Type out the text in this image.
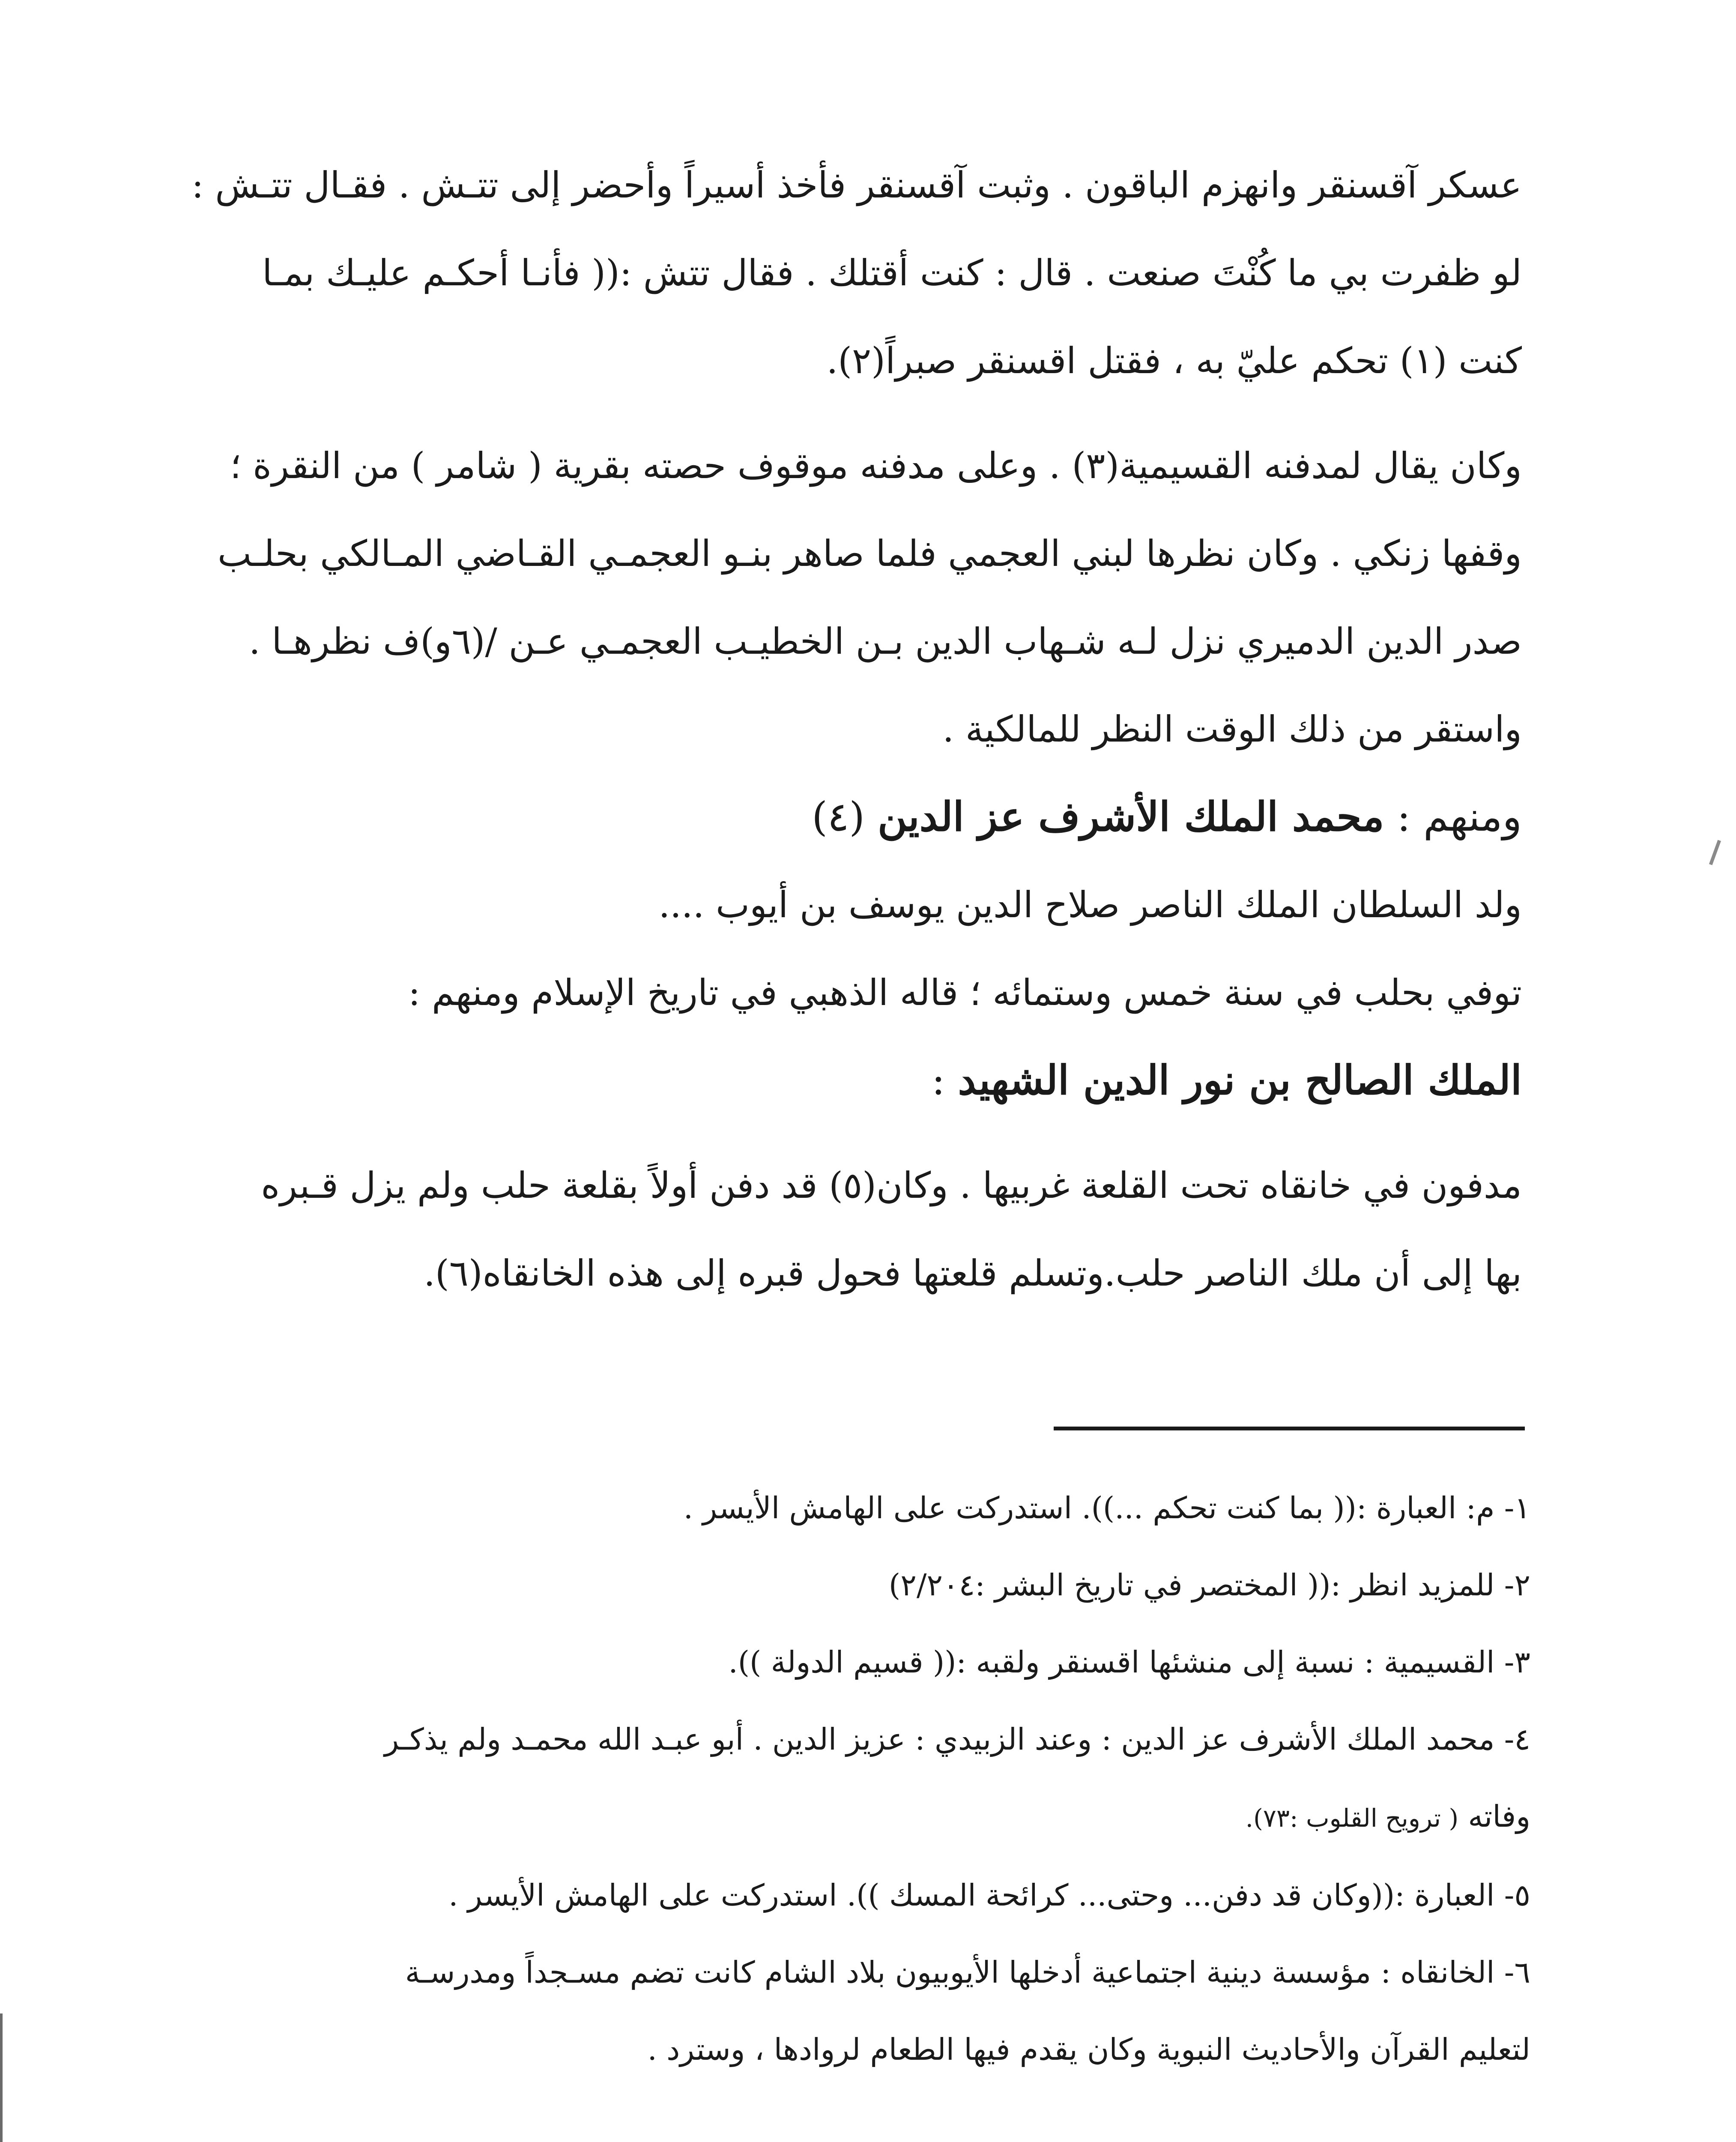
عسكر آقسنقر وانهزم الباقون . وثبت آقسنقر فأخذ أسيراً وأحضر إلى تتـش . فقـال تتـش :

لو ظفرت بي ما كُنْتَ صنعت . قال : كنت أقتلك . فقال تتش :(( فأنـا أحكـم عليـك بمـا

كنت (١) تحكم عليّ به ، فقتل اقسنقر صبراً(٢).

وكان يقال لمدفنه القسيمية(٣) . وعلى مدفنه موقوف حصته بقرية ( شامر ) من النقرة ؛

وقفها زنكي . وكان نظرها لبني العجمي فلما صاهر بنـو العجمـي القـاضي المـالكي بحلـب

صدر الدين الدميري نزل لـه شـهاب الدين بـن الخطيـب العجمـي عـن /(٦و)ف نظرهـا .

واستقر من ذلك الوقت النظر للمالكية .

ومنهم : محمد الملك الأشرف عز الدين (٤)

ولد السلطان الملك الناصر صلاح الدين يوسف بن أيوب ....

توفي بحلب في سنة خمس وستمائه ؛ قاله الذهبي في تاريخ الإسلام ومنهم :

الملك الصالح بن نور الدين الشهيد :

مدفون في خانقاه تحت القلعة غربيها . وكان(٥) قد دفن أولاً بقلعة حلب ولم يزل قـبره

بها إلى أن ملك الناصر حلب.وتسلم قلعتها فحول قبره إلى هذه الخانقاه(٦).

١- م: العبارة :(( بما كنت تحكم ...)). استدركت على الهامش الأيسر .

٢- للمزيد انظر :(( المختصر في تاريخ البشر :٢/٢٠٤)

٣- القسيمية : نسبة إلى منشئها اقسنقر ولقبه :(( قسيم الدولة )).

٤- محمد الملك الأشرف عز الدين : وعند الزبيدي : عزيز الدين . أبو عبـد الله محمـد ولم يذكـر

وفاته ( ترويح القلوب :٧٣).

٥- العبارة :((وكان قد دفن... وحتى... كرائحة المسك )). استدركت على الهامش الأيسر .

٦- الخانقاه : مؤسسة دينية اجتماعية أدخلها الأيوبيون بلاد الشام كانت تضم مسـجداً ومدرسـة

لتعليم القرآن والأحاديث النبوية وكان يقدم فيها الطعام لروادها ، وسترد .
